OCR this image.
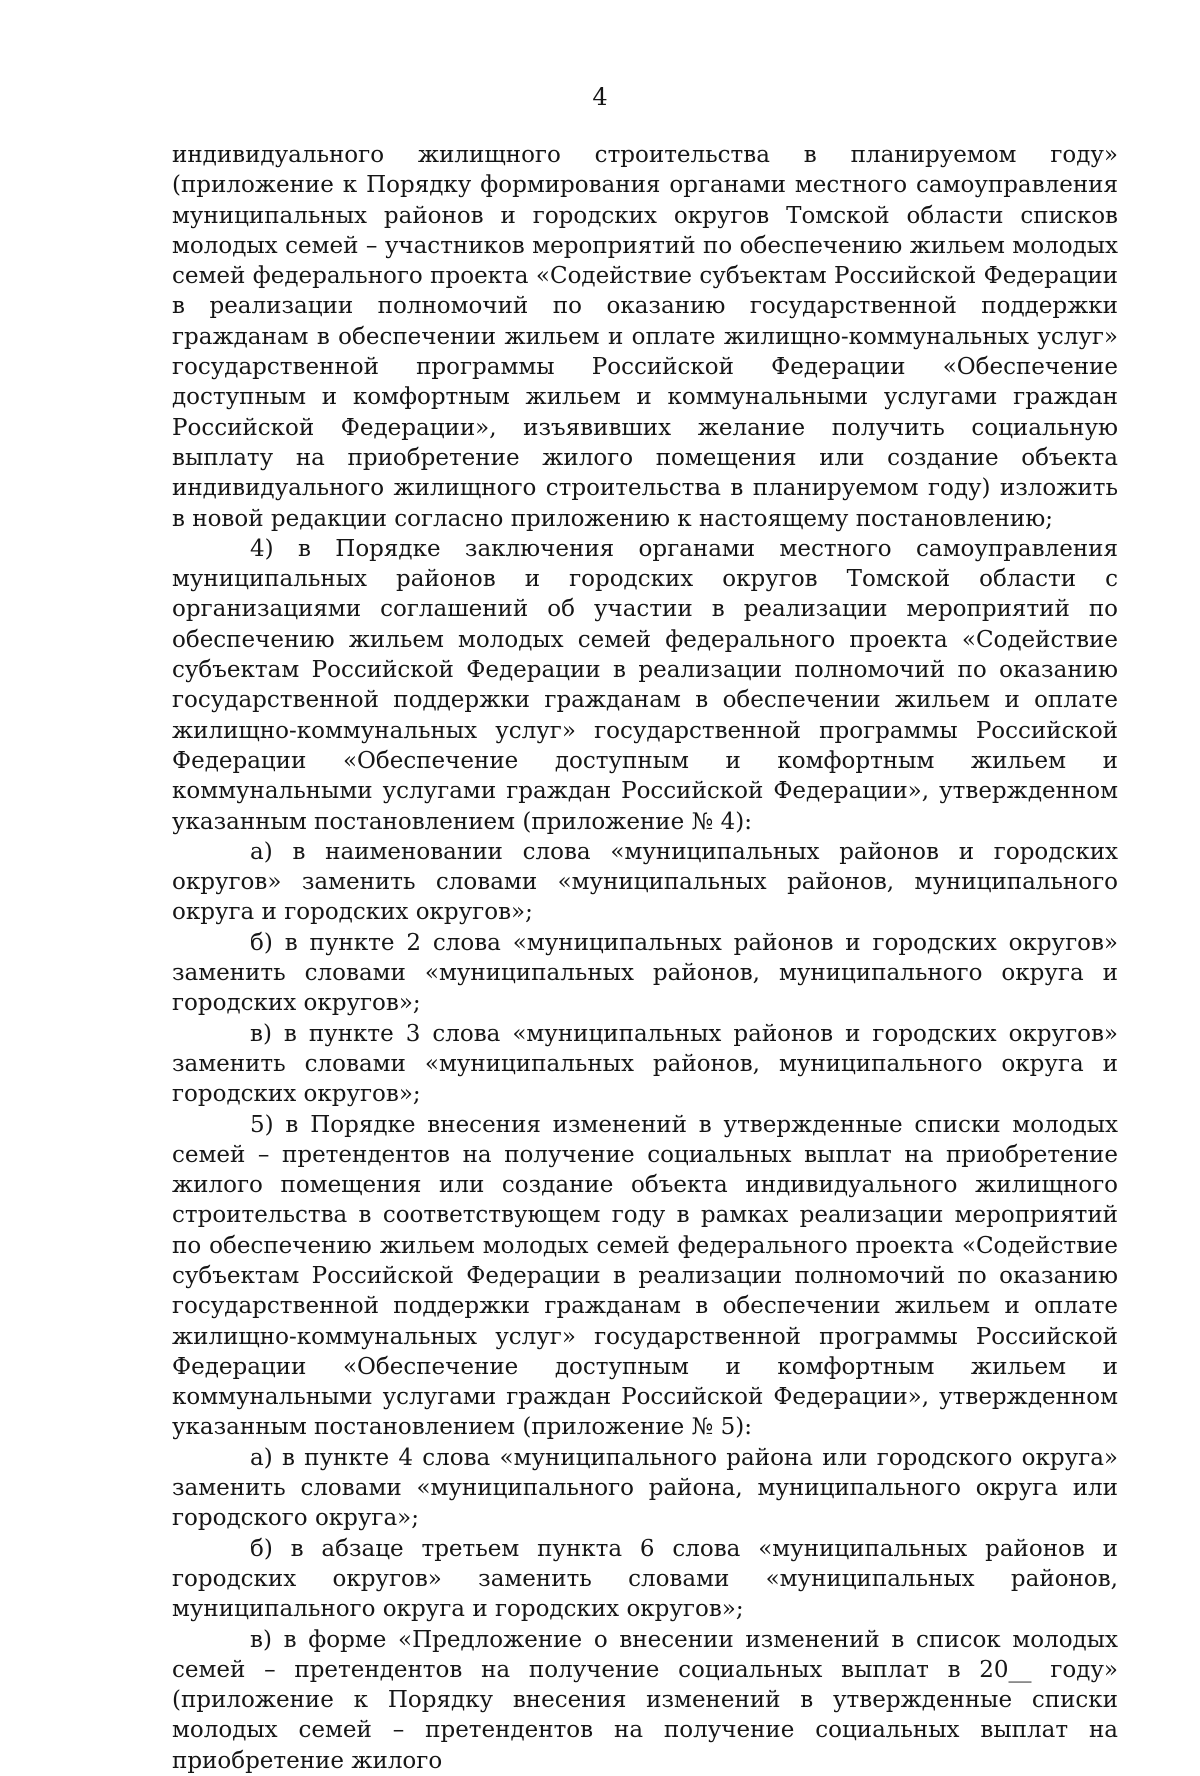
4

индивидуального жилищного строительства в планируемом году» (приложение к Порядку формирования органами местного самоуправления муниципальных районов и городских округов Томской области списков молодых семей – участников мероприятий по обеспечению жильем молодых семей федерального проекта «Содействие субъектам Российской Федерации в реализации полномочий по оказанию государственной поддержки гражданам в обеспечении жильем и оплате жилищно-коммунальных услуг» государственной программы Российской Федерации «Обеспечение доступным и комфортным жильем и коммунальными услугами граждан Российской Федерации», изъявивших желание получить социальную выплату на приобретение жилого помещения или создание объекта индивидуального жилищного строительства в планируемом году) изложить в новой редакции согласно приложению к настоящему постановлению;

4) в Порядке заключения органами местного самоуправления муниципальных районов и городских округов Томской области с организациями соглашений об участии в реализации мероприятий по обеспечению жильем молодых семей федерального проекта «Содействие субъектам Российской Федерации в реализации полномочий по оказанию государственной поддержки гражданам в обеспечении жильем и оплате жилищно-коммунальных услуг» государственной программы Российской Федерации «Обеспечение доступным и комфортным жильем и коммунальными услугами граждан Российской Федерации», утвержденном указанным постановлением (приложение № 4):

а) в наименовании слова «муниципальных районов и городских округов» заменить словами «муниципальных районов, муниципального округа и городских округов»;

б) в пункте 2 слова «муниципальных районов и городских округов» заменить словами «муниципальных районов, муниципального округа и городских округов»;

в) в пункте 3 слова «муниципальных районов и городских округов» заменить словами «муниципальных районов, муниципального округа и городских округов»;

5) в Порядке внесения изменений в утвержденные списки молодых семей – претендентов на получение социальных выплат на приобретение жилого помещения или создание объекта индивидуального жилищного строительства в соответствующем году в рамках реализации мероприятий по обеспечению жильем молодых семей федерального проекта «Содействие субъектам Российской Федерации в реализации полномочий по оказанию государственной поддержки гражданам в обеспечении жильем и оплате жилищно-коммунальных услуг» государственной программы Российской Федерации «Обеспечение доступным и комфортным жильем и коммунальными услугами граждан Российской Федерации», утвержденном указанным постановлением (приложение № 5):

а) в пункте 4 слова «муниципального района или городского округа» заменить словами «муниципального района, муниципального округа или городского округа»;

б) в абзаце третьем пункта 6 слова «муниципальных районов и городских округов» заменить словами «муниципальных районов, муниципального округа и городских округов»;

в) в форме «Предложение о внесении изменений в список молодых семей – претендентов на получение социальных выплат в 20__ году» (приложение к Порядку внесения изменений в утвержденные списки молодых семей – претендентов на получение социальных выплат на приобретение жилого
